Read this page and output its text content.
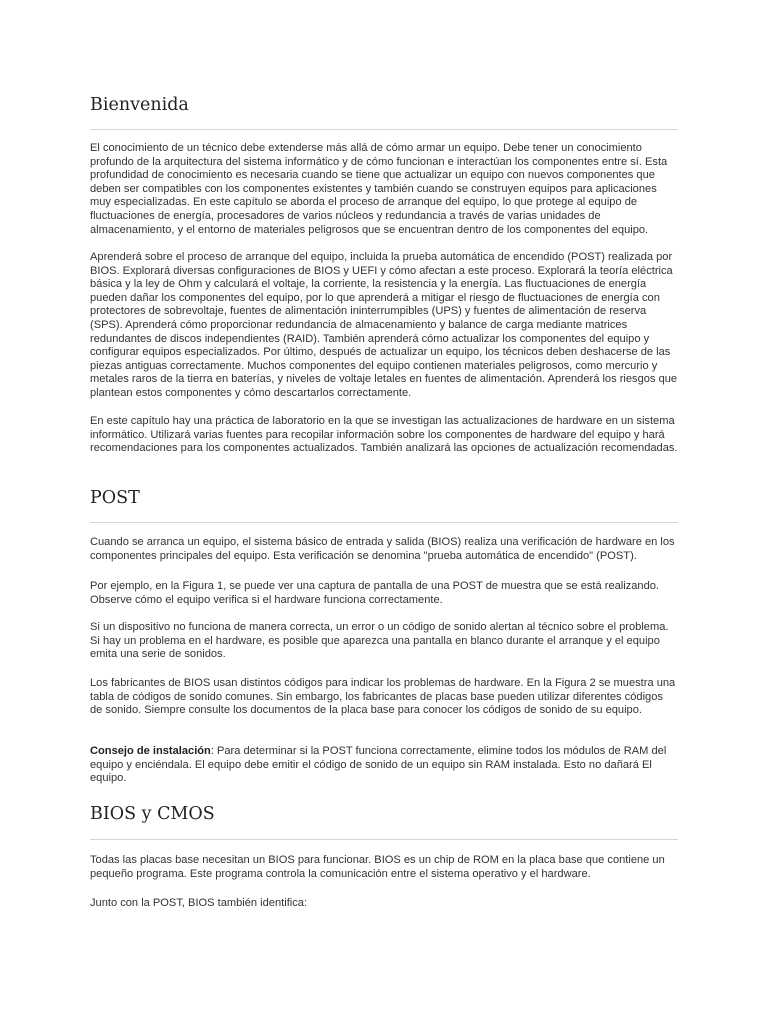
Bienvenida

El conocimiento de un técnico debe extenderse más allá de cómo armar un equipo. Debe tener un conocimiento profundo de la arquitectura del sistema informático y de cómo funcionan e interactúan los componentes entre sí. Esta profundidad de conocimiento es necesaria cuando se tiene que actualizar un equipo con nuevos componentes que deben ser compatibles con los componentes existentes y también cuando se construyen equipos para aplicaciones muy especializadas. En este capítulo se aborda el proceso de arranque del equipo, lo que protege al equipo de fluctuaciones de energía, procesadores de varios núcleos y redundancia a través de varias unidades de almacenamiento, y el entorno de materiales peligrosos que se encuentran dentro de los componentes del equipo.

Aprenderá sobre el proceso de arranque del equipo, incluida la prueba automática de encendido (POST) realizada por BIOS. Explorará diversas configuraciones de BIOS y UEFI y cómo afectan a este proceso. Explorará la teoría eléctrica básica y la ley de Ohm y calculará el voltaje, la corriente, la resistencia y la energía. Las fluctuaciones de energía pueden dañar los componentes del equipo, por lo que aprenderá a mitigar el riesgo de fluctuaciones de energía con protectores de sobrevoltaje, fuentes de alimentación ininterrumpibles (UPS) y fuentes de alimentación de reserva (SPS). Aprenderá cómo proporcionar redundancia de almacenamiento y balance de carga mediante matrices redundantes de discos independientes (RAID). También aprenderá cómo actualizar los componentes del equipo y configurar equipos especializados. Por último, después de actualizar un equipo, los técnicos deben deshacerse de las piezas antiguas correctamente. Muchos componentes del equipo contienen materiales peligrosos, como mercurio y metales raros de la tierra en baterías, y niveles de voltaje letales en fuentes de alimentación. Aprenderá los riesgos que plantean estos componentes y cómo descartarlos correctamente.

En este capítulo hay una práctica de laboratorio en la que se investigan las actualizaciones de hardware en un sistema informático. Utilizará varias fuentes para recopilar información sobre los componentes de hardware del equipo y hará recomendaciones para los componentes actualizados. También analizará las opciones de actualización recomendadas.

POST

Cuando se arranca un equipo, el sistema básico de entrada y salida (BIOS) realiza una verificación de hardware en los componentes principales del equipo. Esta verificación se denomina "prueba automática de encendido" (POST).

Por ejemplo, en la Figura 1, se puede ver una captura de pantalla de una POST de muestra que se está realizando. Observe cómo el equipo verifica si el hardware funciona correctamente.

Si un dispositivo no funciona de manera correcta, un error o un código de sonido alertan al técnico sobre el problema. Si hay un problema en el hardware, es posible que aparezca una pantalla en blanco durante el arranque y el equipo emita una serie de sonidos.

Los fabricantes de BIOS usan distintos códigos para indicar los problemas de hardware. En la Figura 2 se muestra una tabla de códigos de sonido comunes. Sin embargo, los fabricantes de placas base pueden utilizar diferentes códigos de sonido. Siempre consulte los documentos de la placa base para conocer los códigos de sonido de su equipo.

Consejo de instalación: Para determinar si la POST funciona correctamente, elimine todos los módulos de RAM del equipo y enciéndala. El equipo debe emitir el código de sonido de un equipo sin RAM instalada. Esto no dañará El equipo.

BIOS y CMOS

Todas las placas base necesitan un BIOS para funcionar. BIOS es un chip de ROM en la placa base que contiene un pequeño programa. Este programa controla la comunicación entre el sistema operativo y el hardware.

Junto con la POST, BIOS también identifica:
